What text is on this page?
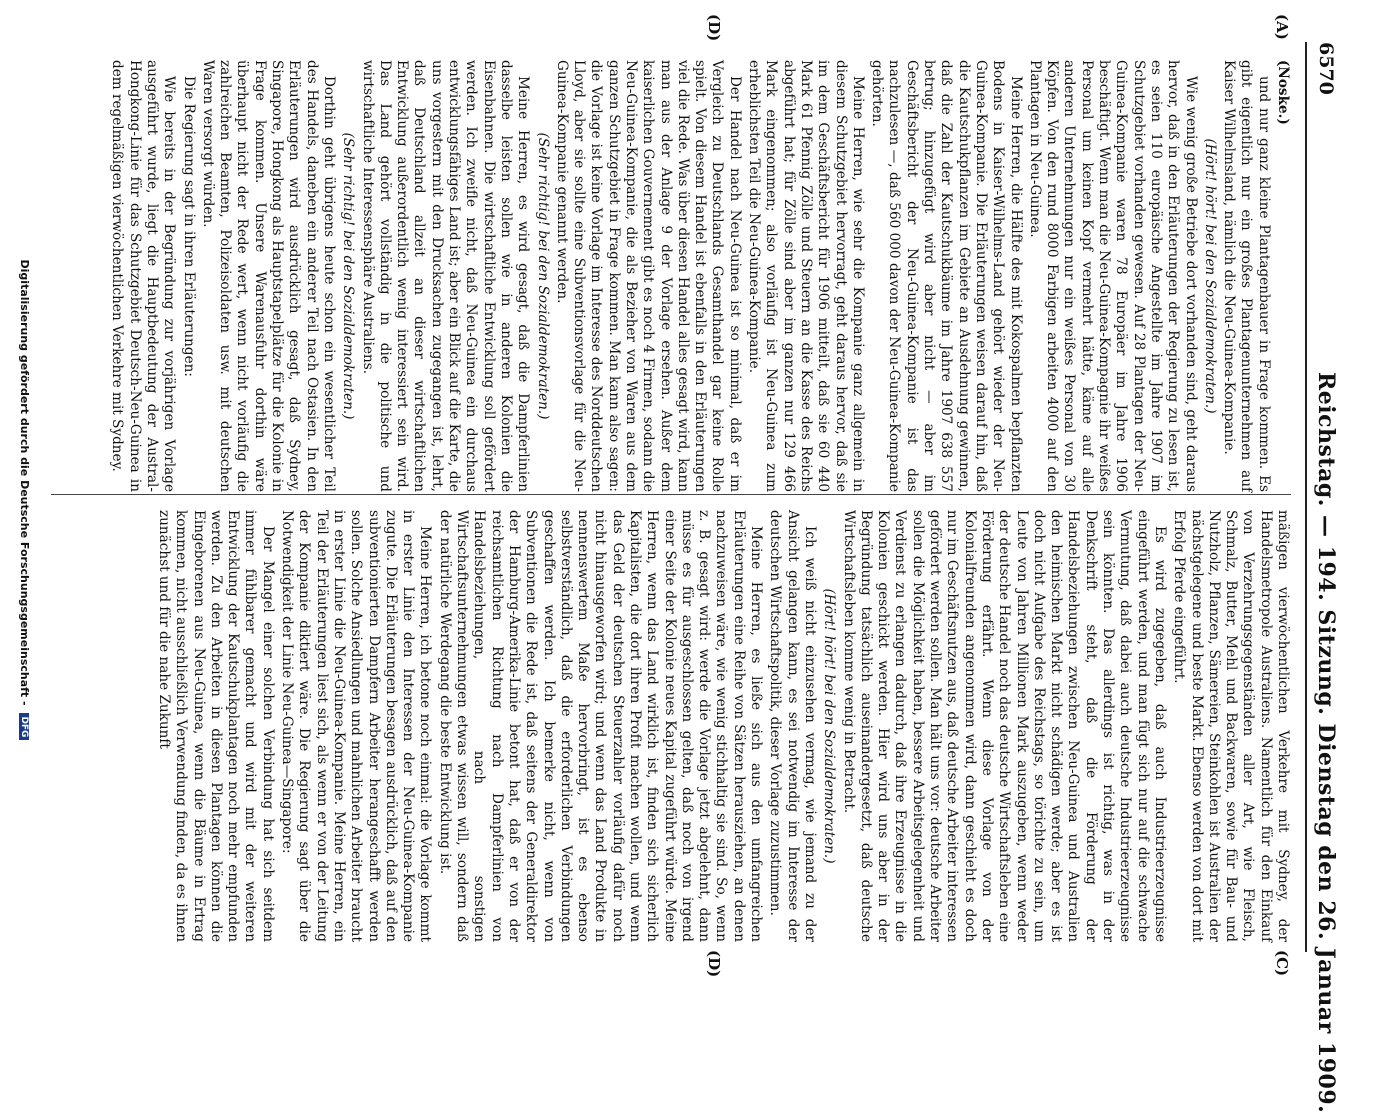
6570
Reichstag. — 194. Sitzung. Dienstag den 26. Januar 1909.
(A)
(C)
(D)
(D)

(Noske.)

und nur ganz kleine Plantagenbauer in Frage kommen. Es gibt eigentlich nur ein großes Plantagenunternehmen auf Kaiser Wilhelmsland, nämlich die Neu-Guinea-Kompanie.

(Hört! hört! bei den Sozialdemokraten.)

Wie wenig große Betriebe dort vorhanden sind, geht daraus hervor, daß in den Erläuterungen der Regierung zu lesen ist, es seien 110 europäische Angestellte im Jahre 1907 im Schutzgebiet vorhanden gewesen. Auf 28 Plantagen der Neu-Guinea-Kompanie waren 78 Europäer im Jahre 1906 beschäftigt. Wenn man die Neu-Guinea-Kompagnie ihr weißes Personal um keinen Kopf vermehrt hätte, käme auf alle anderen Unternehmungen nur ein weißes Personal von 30 Köpfen. Von den rund 8000 Farbigen arbeiten 4000 auf den Plantagen in Neu-Guinea.

Meine Herren, die Hälfte des mit Kokospalmen bepflanzten Bodens in Kaiser-Wilhelms-Land gehört wieder der Neu-Guinea-Kompanie. Die Erläuterungen weisen darauf hin, daß die Kautschukpflanzen im Gebiete an Ausdehnung gewinnen, daß die Zahl der Kautschukbäume im Jahre 1907 638 557 betrug; hinzugefügt wird aber nicht — aber im Geschäftsbericht der Neu-Guinea-Kompanie ist das nachzulesen —, daß 560 000 davon der Neu-Guinea-Kompanie gehörten.

Meine Herren, wie sehr die Kompanie ganz allgemein in diesem Schutzgebiet hervorragt, geht daraus hervor, daß sie im dem Geschäftsbericht für 1906 mitteilt, daß sie 60 440 Mark 61 Pfennig Zölle und Steuern an die Kasse des Reichs abgeführt hat; für Zölle sind aber im ganzen nur 129 466 Mark eingenommen; also vorläufig ist Neu-Guinea zum erheblichsten Teil die Neu-Guinea-Kompanie.

Der Handel nach Neu-Guinea ist so minimal, daß er im Vergleich zu Deutschlands Gesamthandel gar keine Rolle spielt. Von diesem Handel ist ebenfalls in den Erläuterungen viel die Rede. Was über diesen Handel alles gesagt wird, kann man aus der Anlage 9 der Vorlage ersehen. Außer dem kaiserlichen Gouvernement gibt es noch 4 Firmen, sodann die Neu-Guinea-Kompanie, die als Bezieher von Waren aus dem ganzen Schutzgebiet in Frage kommen. Man kann also sagen: die Vorlage ist keine Vorlage im Interesse des Norddeutschen Lloyd, aber sie sollte eine Subventionsvorlage für die Neu-Guinea-Kompanie genannt werden.

(Sehr richtig! bei den Sozialdemokraten.)

Meine Herren, es wird gesagt, daß die Dampferlinien dasselbe leisten sollen wie in anderen Kolonien die Eisenbahnen. Die wirtschaftliche Entwicklung soll gefördert werden. Ich zweifle nicht, daß Neu-Guinea ein durchaus entwicklungsfähiges Land ist; aber ein Blick auf die Karte, die uns vorgestern mit den Drucksachen zugegangen ist, lehrt, daß Deutschland allzeit an dieser wirtschaftlichen Entwicklung außerordentlich wenig interessiert sein wird. Das Land gehört vollständig in die politische und wirtschaftliche Interessensphäre Australiens.

(Sehr richtig! bei den Sozialdemokraten.)

Dorthin geht übrigens heute schon ein wesentlicher Teil des Handels, daneben ein anderer Teil nach Ostasien. In den Erläuterungen wird ausdrücklich gesagt, daß Sydney, Singapore, Hongkong als Hauptstapelplätze für die Kolonie in Frage kommen. Unsere Warenausfuhr dorthin wäre überhaupt nicht der Rede wert, wenn nicht vorläufig die zahlreichen Beamten, Polizeisoldaten usw. mit deutschen Waren versorgt würden.

Die Regierung sagt in ihren Erläuterungen:

Wie bereits in der Begründung zur vorjährigen Vorlage ausgeführt wurde, liegt die Hauptbedeutung der Austral-Hongkong-Linie für das Schutzgebiet Deutsch-Neu-Guinea in dem regelmäßigen vierwöchentlichen Verkehre mit Sydney.

mäßigen vierwöchentlichen Verkehre mit Sydney, der Handelsmetropole Australiens. Namentlich für den Einkauf von Verzehrungsgegenständen aller Art, wie Fleisch, Schmalz, Butter, Mehl und Backwaren, sowie für Bau- und Nutzholz, Pflanzen, Sämereien, Steinkohlen ist Australien der nächstgelegene und beste Markt. Ebenso werden von dort mit Erfolg Pferde eingeführt.

Es wird zugegeben, daß auch Industrieerzeugnisse eingeführt werden, und man fügt sich nur auf die schwache Vermutung, daß dabei auch deutsche Industrieerzeugnisse sein könnten. Das allerdings ist richtig, was in der Denkschrift steht, daß die Förderung der Handelsbeziehungen zwischen Neu-Guinea und Australien den heimischen Markt nicht schädigen werde; aber es ist doch nicht Aufgabe des Reichstags, so törichte zu sein, um Leute von Jahren Millionen Mark auszugeben, wenn weder der deutsche Handel noch das deutsche Wirtschaftsleben eine Förderung erfährt. Wenn diese Vorlage von der Kolonialfreunden angenommen wird, dann geschieht es doch nur im Geschäftsnutzen aus, daß deutsche Arbeiter interessen gefördert werden sollen. Man hält uns vor: deutsche Arbeiter sollen die Möglichkeit haben, bessere Arbeitsgelegenheit und Verdienst zu erlangen dadurch, daß ihre Erzeugnisse in die Kolonien geschickt werden. Hier wird uns aber in der Begründung tatsächlich auseinandergesetzt, daß deutsche Wirtschaftsleben komme wenig in Betracht.

(Hört! hört! bei den Sozialdemokraten.)

Ich weiß nicht einzusehen vermag, wie jemand zu der Ansicht gelangen kann, es sei notwendig im Interesse der deutschen Wirtschaftspolitik, dieser Vorlage zuzustimmen.

Meine Herren, es ließe sich aus den umfangreichen Erläuterungen eine Reihe von Sätzen herausziehen, an denen nachzuweisen wäre, wie wenig stichhaltig sie sind. So, wenn z. B. gesagt wird: werde die Vorlage jetzt abgelehnt, dann müsse es für ausgeschlossen gelten, daß noch von irgend einer Seite der Kolonie neues Kapital zugeführt würde. Meine Herren, wenn das Land wirklich ist, finden sich sicherlich Kapitalisten, die dort ihren Profit machen wollen, und wenn das Geld der deutschen Steuerzahler vorläufig dafür noch nicht hinausgeworfen wird; und wenn das Land Produkte in nennenswertem Maße hervorbringt, ist es ebenso selbstverständlich, daß die erforderlichen Verbindungen geschaffen werden. Ich bemerke nicht, wenn von Subventionen die Rede ist, daß seitens der Generaldirektor der Hamburg-Amerika-Linie betont hat, daß er von der reichsamtlichen Richtung nach Dampferlinien von Handelsbeziehungen, nach sonstigen Wirtschaftsunternehmungen etwas wissen will, sondern daß der natürliche Werdegang die beste Entwicklung ist.

Meine Herren, ich betone noch einmal: die Vorlage kommt in erster Linie den Interessen der Neu-Guinea-Kompanie zugute. Die Erläuterungen besagen ausdrücklich, daß auf den subventionierten Dampfern Arbeiter herangeschafft werden sollen. Solche Ansiedlungen und mahnlichen Arbeiter braucht in erster Linie die Neu-Guinea-Kompanie. Meine Herren, ein Teil der Erläuterungen liest sich, als wenn er von der Leitung der Kompanie diktiert wäre. Die Regierung sagt über die Notwendigkeit der Linie Neu-Guinea—Singapore:

Der Mangel einer solchen Verbindung hat sich seitdem immer fühlbarer gemacht und wird mit der weiteren Entwicklung der Kautschukplantagen noch mehr empfunden werden. Zu den Arbeiten in diesen Plantagen können die Eingeborenen aus Neu-Guinea, wenn die Bäume in Ertrag kommen, nicht ausschließlich Verwendung finden, da es ihnen zunächst und für die nahe Zukunft

Digitalisierung gefördert durch die Deutsche Forschungsgemeinschaft - DFG
